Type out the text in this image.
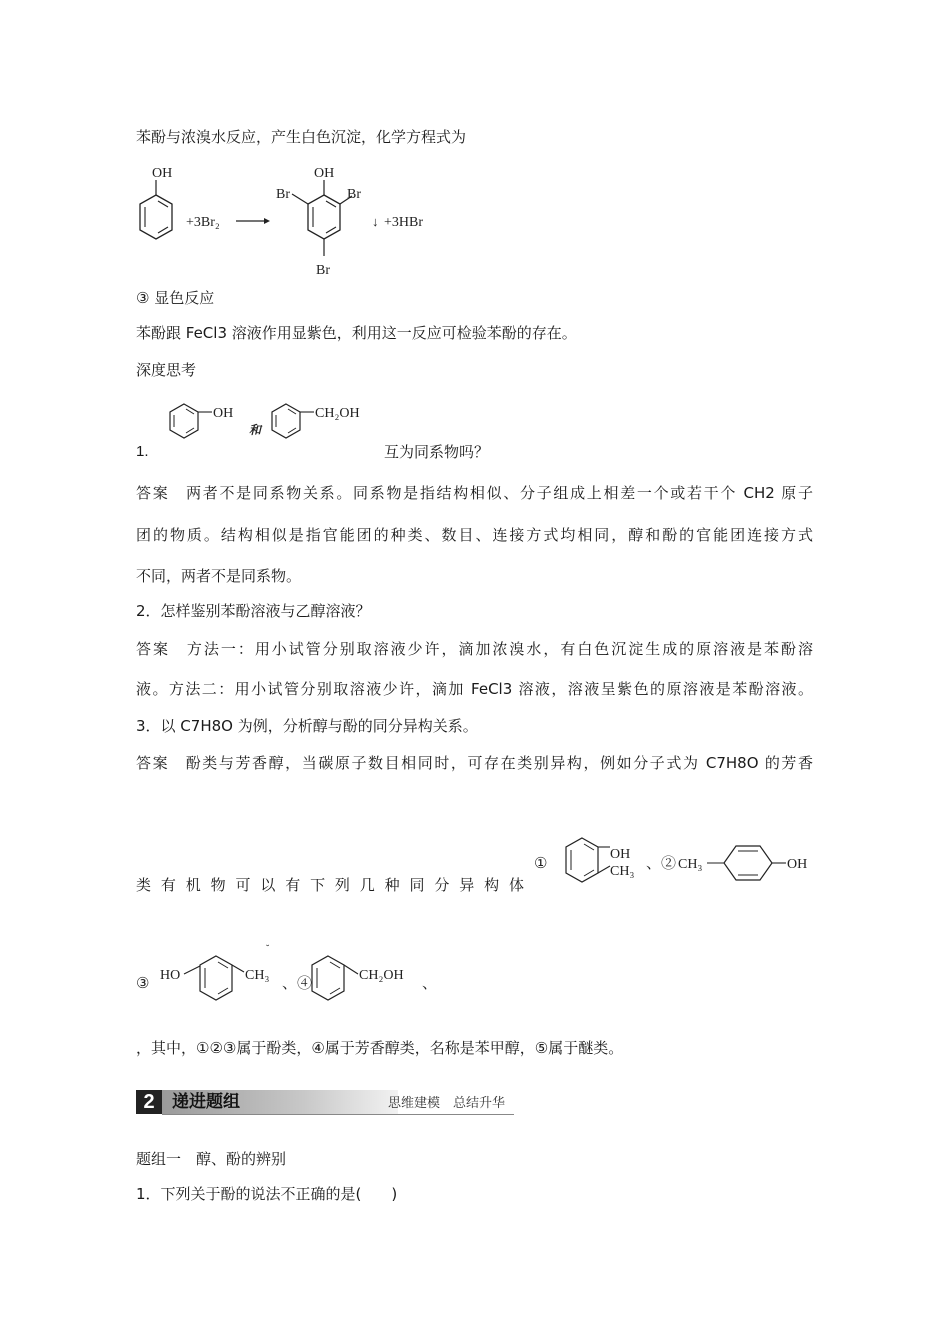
苯酚与浓溴水反应，产生白色沉淀，化学方程式为
OH
+3Br₂
OH
Br	Br
Br
↓ +3HBr
③ 显色反应
苯酚跟 FeCl3 溶液作用显紫色，利用这一反应可检验苯酚的存在。
深度思考
1.
OH
和
CH₂OH
互为同系物吗？
答案　两者不是同系物关系。同系物是指结构相似、分子组成上相差一个或若干个 CH2 原子
团的物质。结构相似是指官能团的种类、数目、连接方式均相同，醇和酚的官能团连接方式
不同，两者不是同系物。
2．怎样鉴别苯酚溶液与乙醇溶液？
答案　方法一：用小试管分别取溶液少许，滴加浓溴水，有白色沉淀生成的原溶液是苯酚溶
液。方法二：用小试管分别取溶液少许，滴加 FeCl3 溶液，溶液呈紫色的原溶液是苯酚溶液。
3．以 C7H8O 为例，分析醇与酚的同分异构关系。
答案　酚类与芳香醇，当碳原子数目相同时，可存在类别异构，例如分子式为 C7H8O 的芳香
类 有 机 物 可 以 有 下 列 几 种 同 分 异 构 体
①
OH
CH₃ 、② CH₃	OH
③
HO	CH₃
˘
、④
CH₂OH
、
，其中，①②③属于酚类，④属于芳香醇类，名称是苯甲醇，⑤属于醚类。
2	递进题组	思维建模　总结升华
题组一　醇、酚的辨别
1．下列关于酚的说法不正确的是(　　)
